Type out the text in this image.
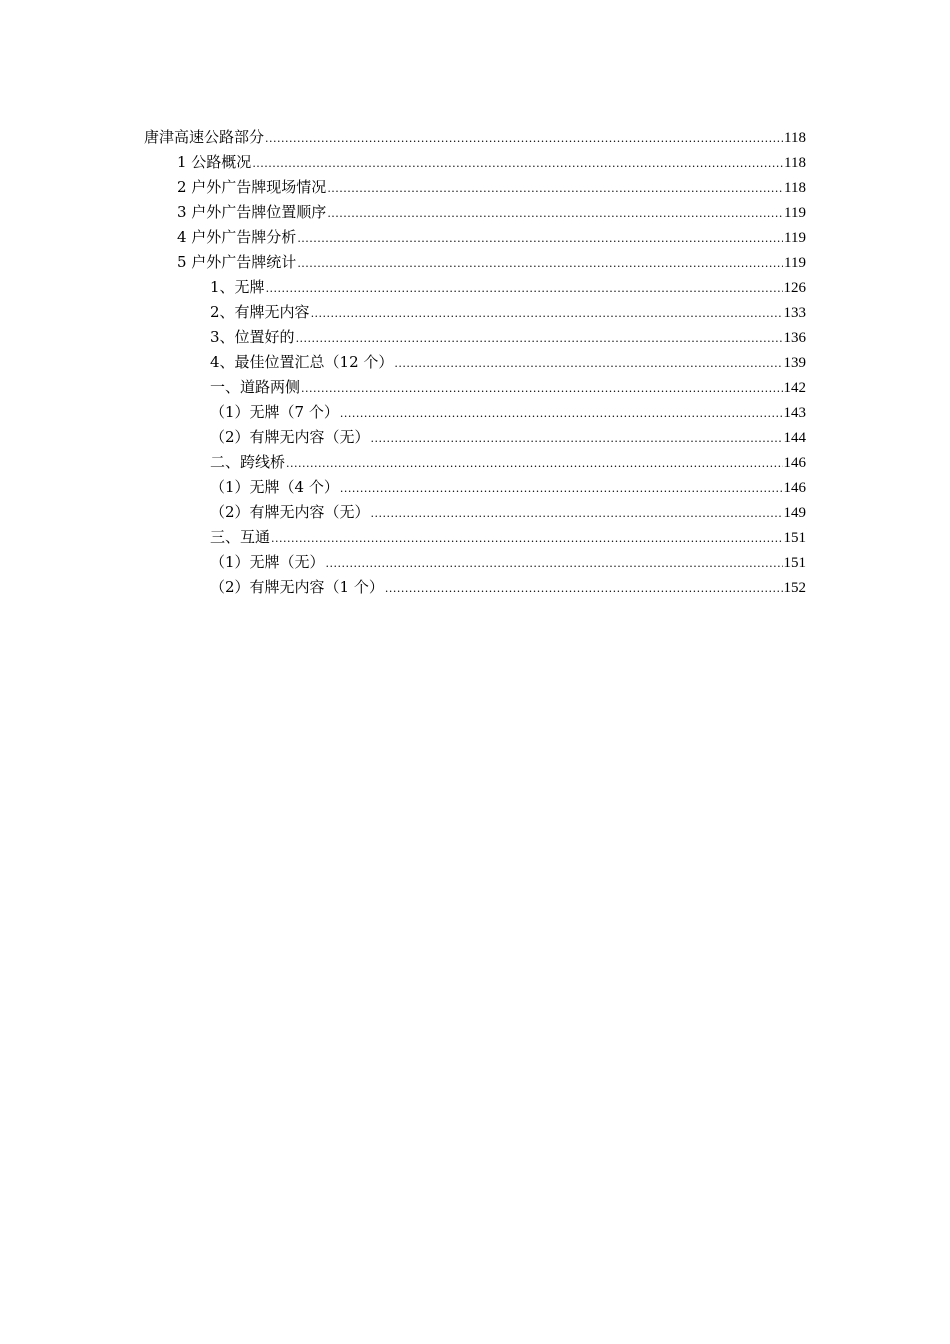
唐津高速公路部分 .....	118
1 公路概况 .....	118
2 户外广告牌现场情况 .....	118
3 户外广告牌位置顺序 .....	119
4 户外广告牌分析 .....	119
5 户外广告牌统计 .....	119
1、 无牌 .....	126
2、 有牌无内容 .....	133
3、 位置好的 .....	136
4、 最佳位置汇总（12 个） .....	139
一、道路两侧 .....	142
（1）无牌（7 个） .....	143
（2）有牌无内容（无） .....	144
二、跨线桥 .....	146
（1）无牌（4 个） .....	146
（2）有牌无内容（无） .....	149
三、互通 .....	151
（1）无牌（无） .....	151
（2）有牌无内容（1 个） .....	152
